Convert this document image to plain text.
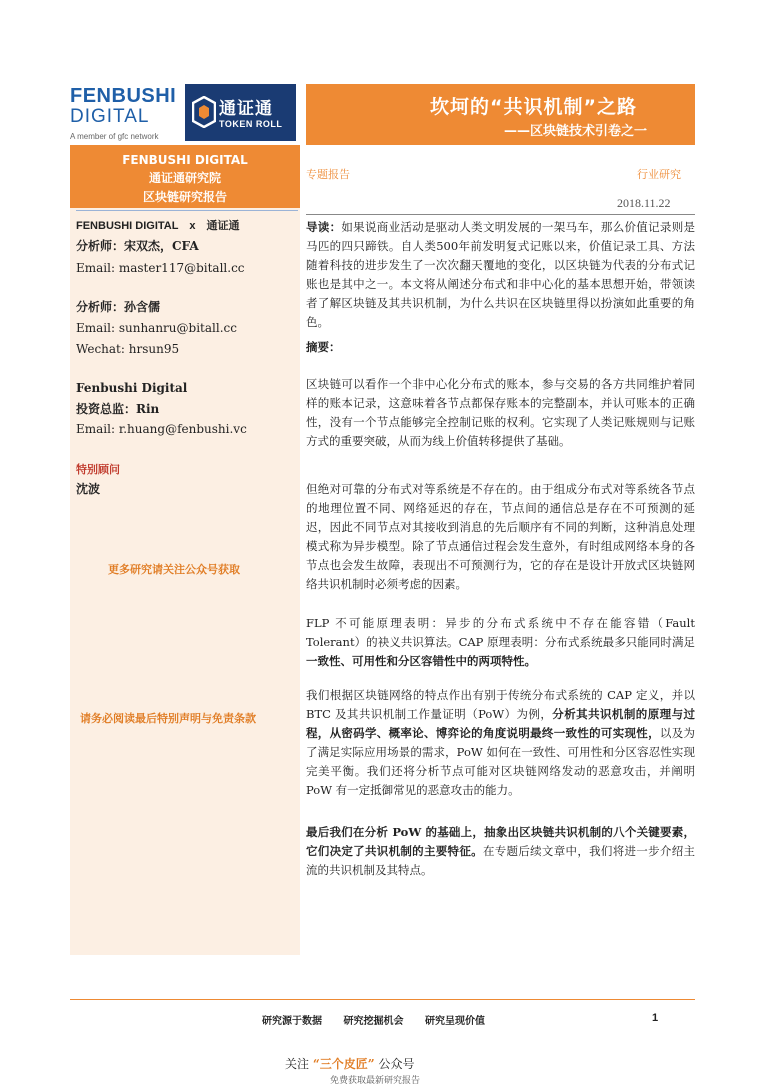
FENBUSHI
DIGITAL
A member of gfc network
通证通
TOKEN ROLL
坎坷的“共识机制”之路
——区块链技术引卷之一
FENBUSHI DIGITAL
通证通研究院
区块链研究报告
FENBUSHI DIGITAL x 通证通
分析师：宋双杰，CFA
Email: master117@bitall.cc
分析师：孙含儒
Email: sunhanru@bitall.cc
Wechat: hrsun95
Fenbushi Digital
投资总监：Rin
Email: r.huang@fenbushi.vc
特别顾问
沈波
更多研究请关注公众号获取
请务必阅读最后特别声明与免责条款
专题报告	行业研究
2018.11.22

导读：如果说商业活动是驱动人类文明发展的一架马车，那么价值记录则是马匹的四只蹄铁。自人类500年前发明复式记账以来，价值记录工具、方法随着科技的进步发生了一次次翻天覆地的变化，以区块链为代表的分布式记账也是其中之一。本文将从阐述分布式和非中心化的基本思想开始，带领读者了解区块链及其共识机制，为什么共识在区块链里得以扮演如此重要的角色。

摘要：

区块链可以看作一个非中心化分布式的账本，参与交易的各方共同维护着同样的账本记录，这意味着各节点都保存账本的完整副本，并认可账本的正确性，没有一个节点能够完全控制记账的权利。它实现了人类记账规则与记账方式的重要突破，从而为线上价值转移提供了基础。

但绝对可靠的分布式对等系统是不存在的。由于组成分布式对等系统各节点的地理位置不同、网络延迟的存在，节点间的通信总是存在不可预测的延迟，因此不同节点对其接收到消息的先后顺序有不同的判断，这种消息处理模式称为异步模型。除了节点通信过程会发生意外，有时组成网络本身的各节点也会发生故障，表现出不可预测行为，它的存在是设计开放式区块链网络共识机制时必须考虑的因素。

FLP 不可能原理表明：异步的分布式系统中不存在能容错（Fault Tolerant）的袂义共识算法。CAP 原理表明：分布式系统最多只能同时满足一致性、可用性和分区容错性中的两项特性。

我们根据区块链网络的特点作出有别于传统分布式系统的 CAP 定义，并以 BTC 及其共识机制工作量证明（PoW）为例，分析其共识机制的原理与过程，从密码学、概率论、博弈论的角度说明最终一致性的可实现性，以及为了满足实际应用场景的需求，PoW 如何在一致性、可用性和分区容忍性实现完美平衡。我们还将分析节点可能对区块链网络发动的恶意攻击，并阐明 PoW 有一定抵御常见的恶意攻击的能力。

最后我们在分析 PoW 的基础上，抽象出区块链共识机制的八个关键要素，它们决定了共识机制的主要特征。在专题后续文章中，我们将进一步介绍主流的共识机制及其特点。

研究源于数据 研究挖掘机会 研究呈现价值	1
关注 “三个皮匠” 公众号
免费获取最新研究报告
